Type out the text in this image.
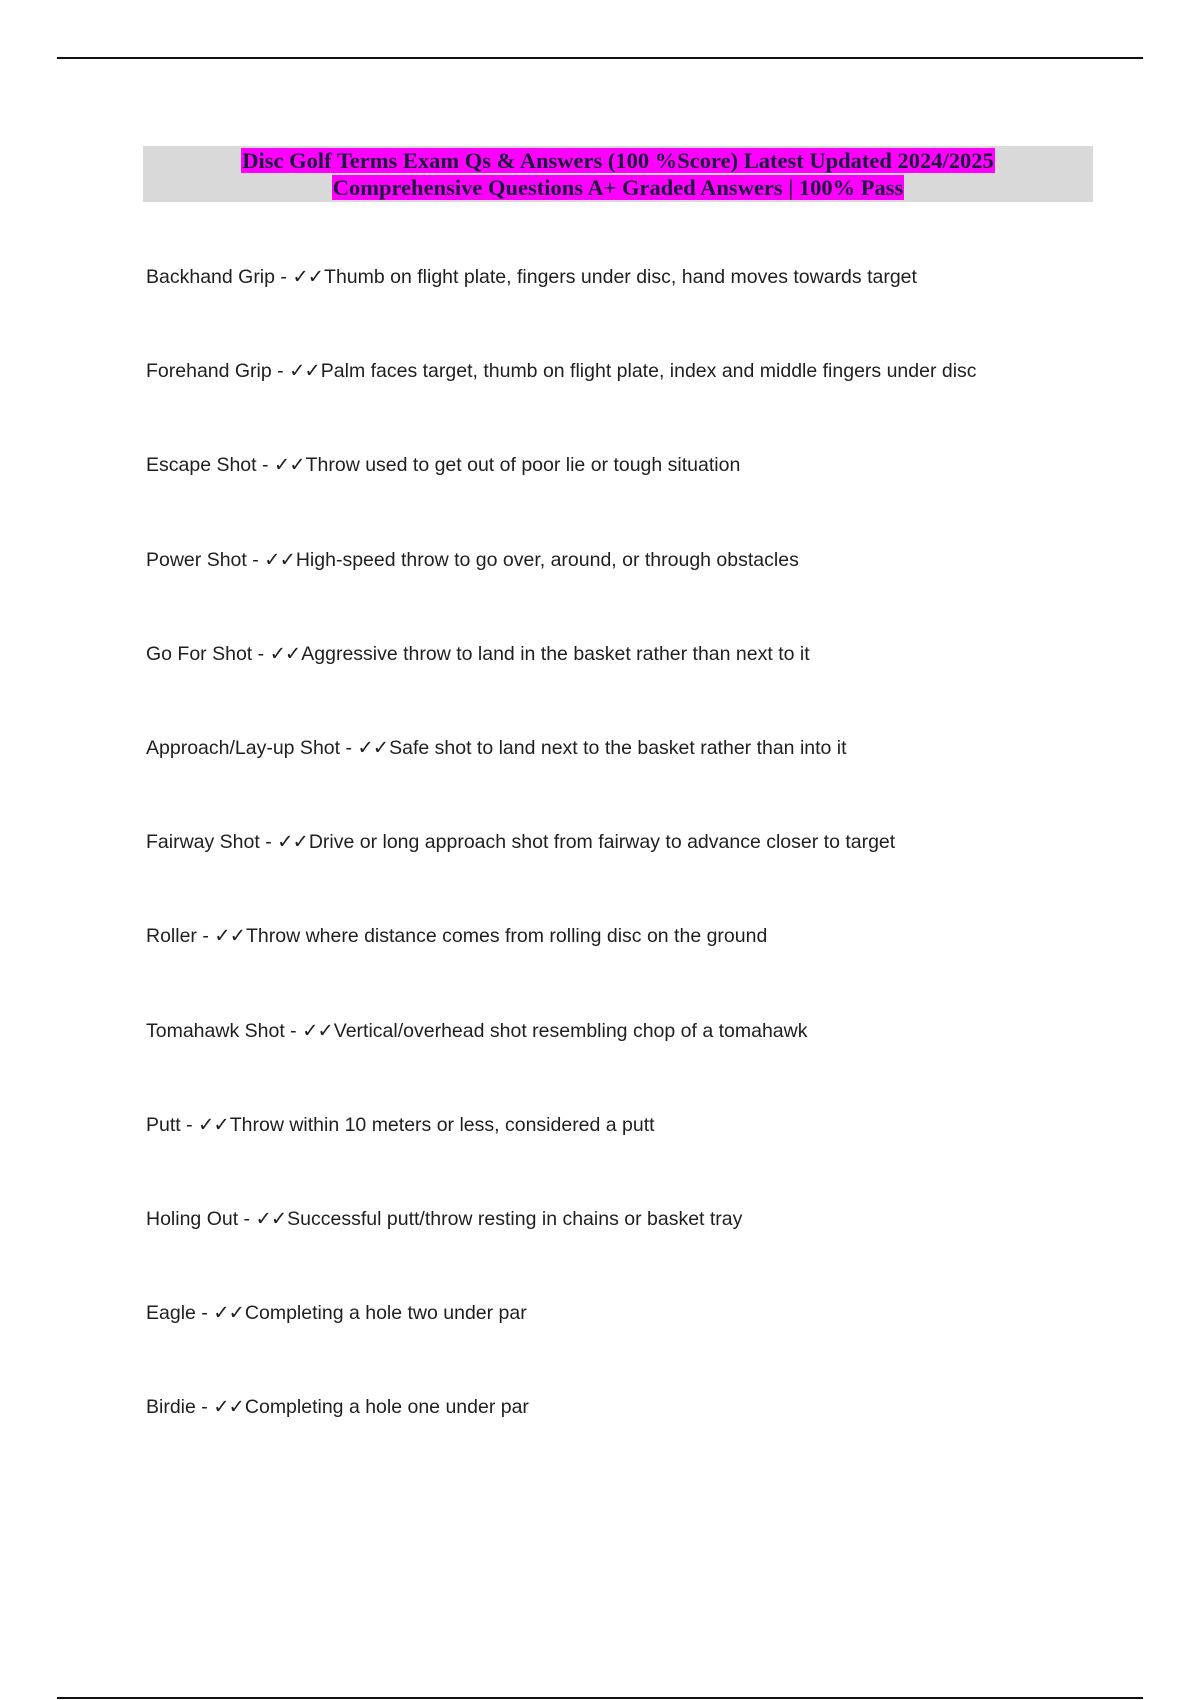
Disc Golf Terms Exam Qs & Answers (100 %Score) Latest Updated 2024/2025
Comprehensive Questions A+ Graded Answers | 100% Pass
Backhand Grip - ✓✓Thumb on flight plate, fingers under disc, hand moves towards target
Forehand Grip - ✓✓Palm faces target, thumb on flight plate, index and middle fingers under disc
Escape Shot - ✓✓Throw used to get out of poor lie or tough situation
Power Shot - ✓✓High-speed throw to go over, around, or through obstacles
Go For Shot - ✓✓Aggressive throw to land in the basket rather than next to it
Approach/Lay-up Shot - ✓✓Safe shot to land next to the basket rather than into it
Fairway Shot - ✓✓Drive or long approach shot from fairway to advance closer to target
Roller - ✓✓Throw where distance comes from rolling disc on the ground
Tomahawk Shot - ✓✓Vertical/overhead shot resembling chop of a tomahawk
Putt - ✓✓Throw within 10 meters or less, considered a putt
Holing Out - ✓✓Successful putt/throw resting in chains or basket tray
Eagle - ✓✓Completing a hole two under par
Birdie - ✓✓Completing a hole one under par
